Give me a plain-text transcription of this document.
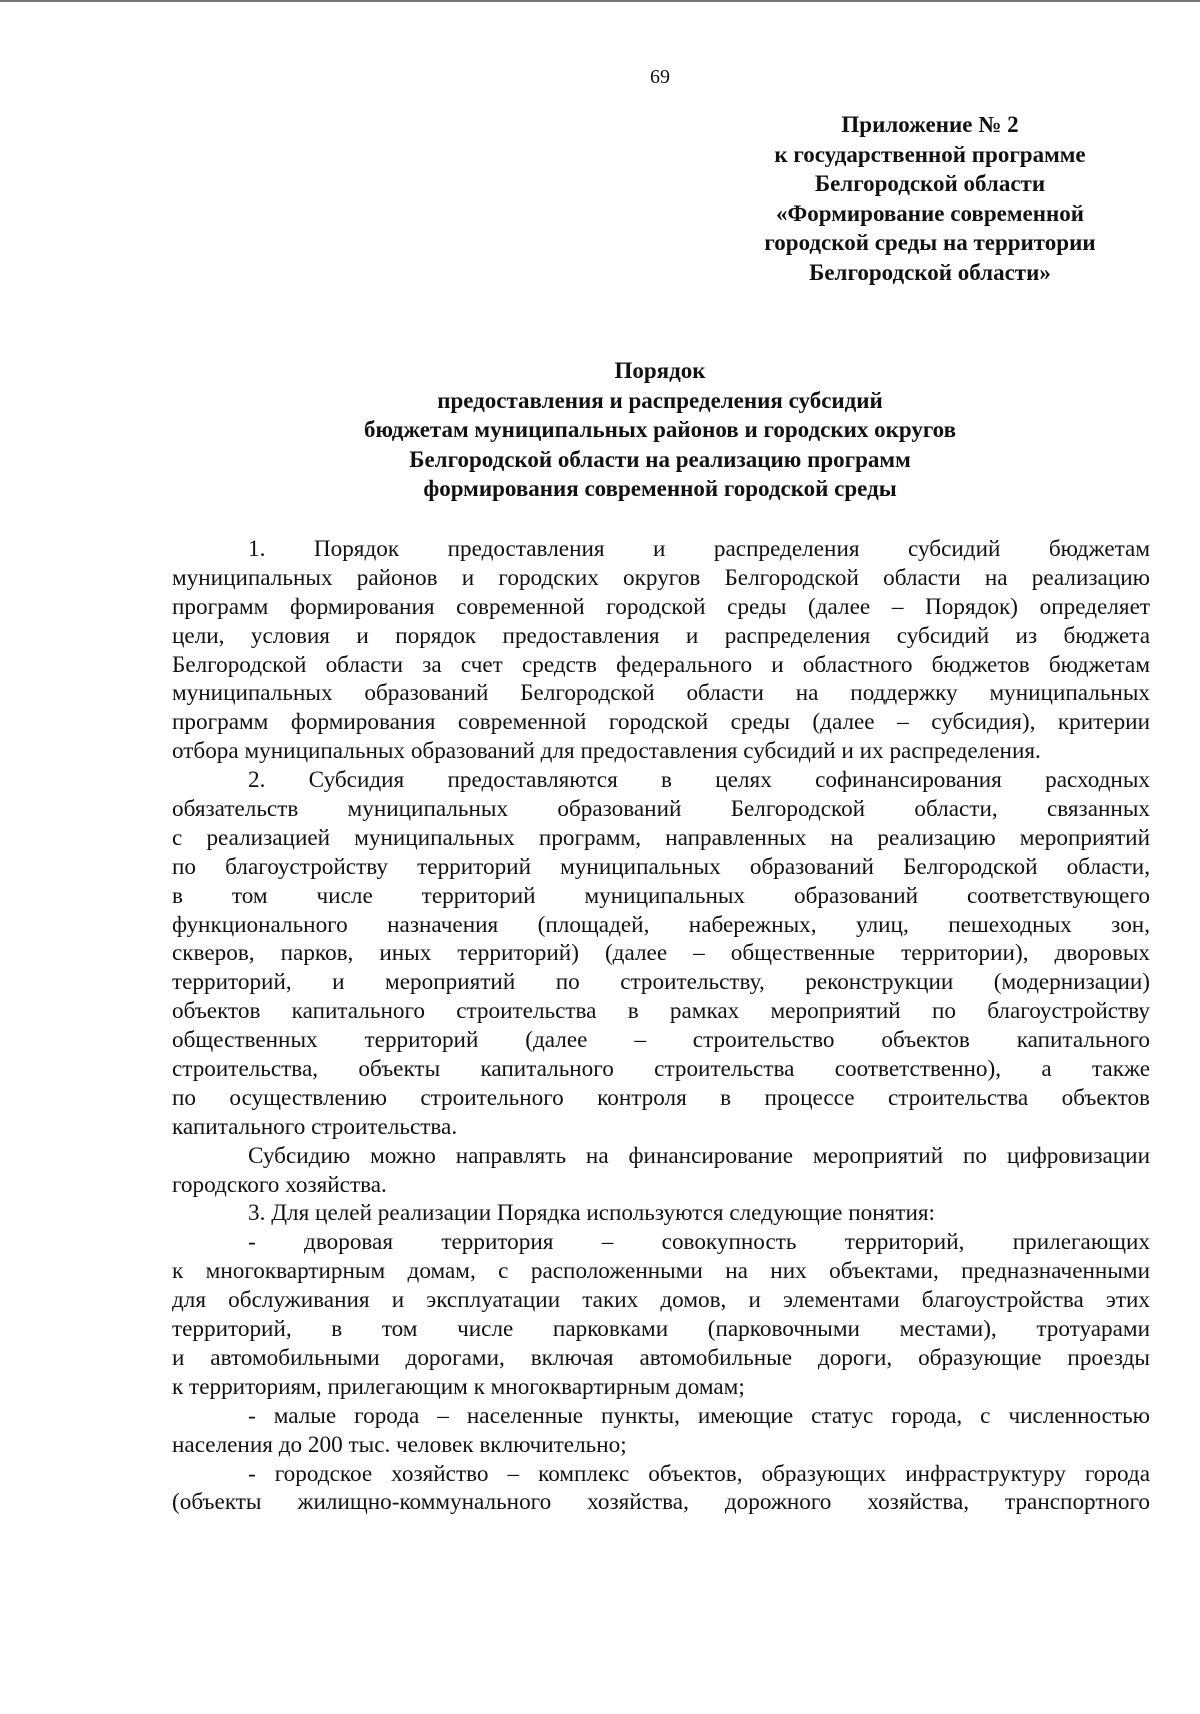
69
Приложение № 2
к государственной программе
Белгородской области
«Формирование современной
городской среды на территории
Белгородской области»
Порядок
предоставления и распределения субсидий
бюджетам муниципальных районов и городских округов
Белгородской области на реализацию программ
формирования современной городской среды
1. Порядок предоставления и распределения субсидий бюджетам
муниципальных районов и городских округов Белгородской области на реализацию
программ формирования современной городской среды (далее – Порядок) определяет
цели, условия и порядок предоставления и распределения субсидий из бюджета
Белгородской области за счет средств федерального и областного бюджетов бюджетам
муниципальных образований Белгородской области на поддержку муниципальных
программ формирования современной городской среды (далее – субсидия), критерии
отбора муниципальных образований для предоставления субсидий и их распределения.
2. Субсидия предоставляются в целях софинансирования расходных
обязательств муниципальных образований Белгородской области, связанных
с реализацией муниципальных программ, направленных на реализацию мероприятий
по благоустройству территорий муниципальных образований Белгородской области,
в том числе территорий муниципальных образований соответствующего
функционального назначения (площадей, набережных, улиц, пешеходных зон,
скверов, парков, иных территорий) (далее – общественные территории), дворовых
территорий, и мероприятий по строительству, реконструкции (модернизации)
объектов капитального строительства в рамках мероприятий по благоустройству
общественных территорий (далее – строительство объектов капитального
строительства, объекты капитального строительства соответственно), а также
по осуществлению строительного контроля в процессе строительства объектов
капитального строительства.
Субсидию можно направлять на финансирование мероприятий по цифровизации
городского хозяйства.
3. Для целей реализации Порядка используются следующие понятия:
- дворовая территория – совокупность территорий, прилегающих
к многоквартирным домам, с расположенными на них объектами, предназначенными
для обслуживания и эксплуатации таких домов, и элементами благоустройства этих
территорий, в том числе парковками (парковочными местами), тротуарами
и автомобильными дорогами, включая автомобильные дороги, образующие проезды
к территориям, прилегающим к многоквартирным домам;
- малые города – населенные пункты, имеющие статус города, с численностью
населения до 200 тыс. человек включительно;
- городское хозяйство – комплекс объектов, образующих инфраструктуру города
(объекты жилищно-коммунального хозяйства, дорожного хозяйства, транспортного
